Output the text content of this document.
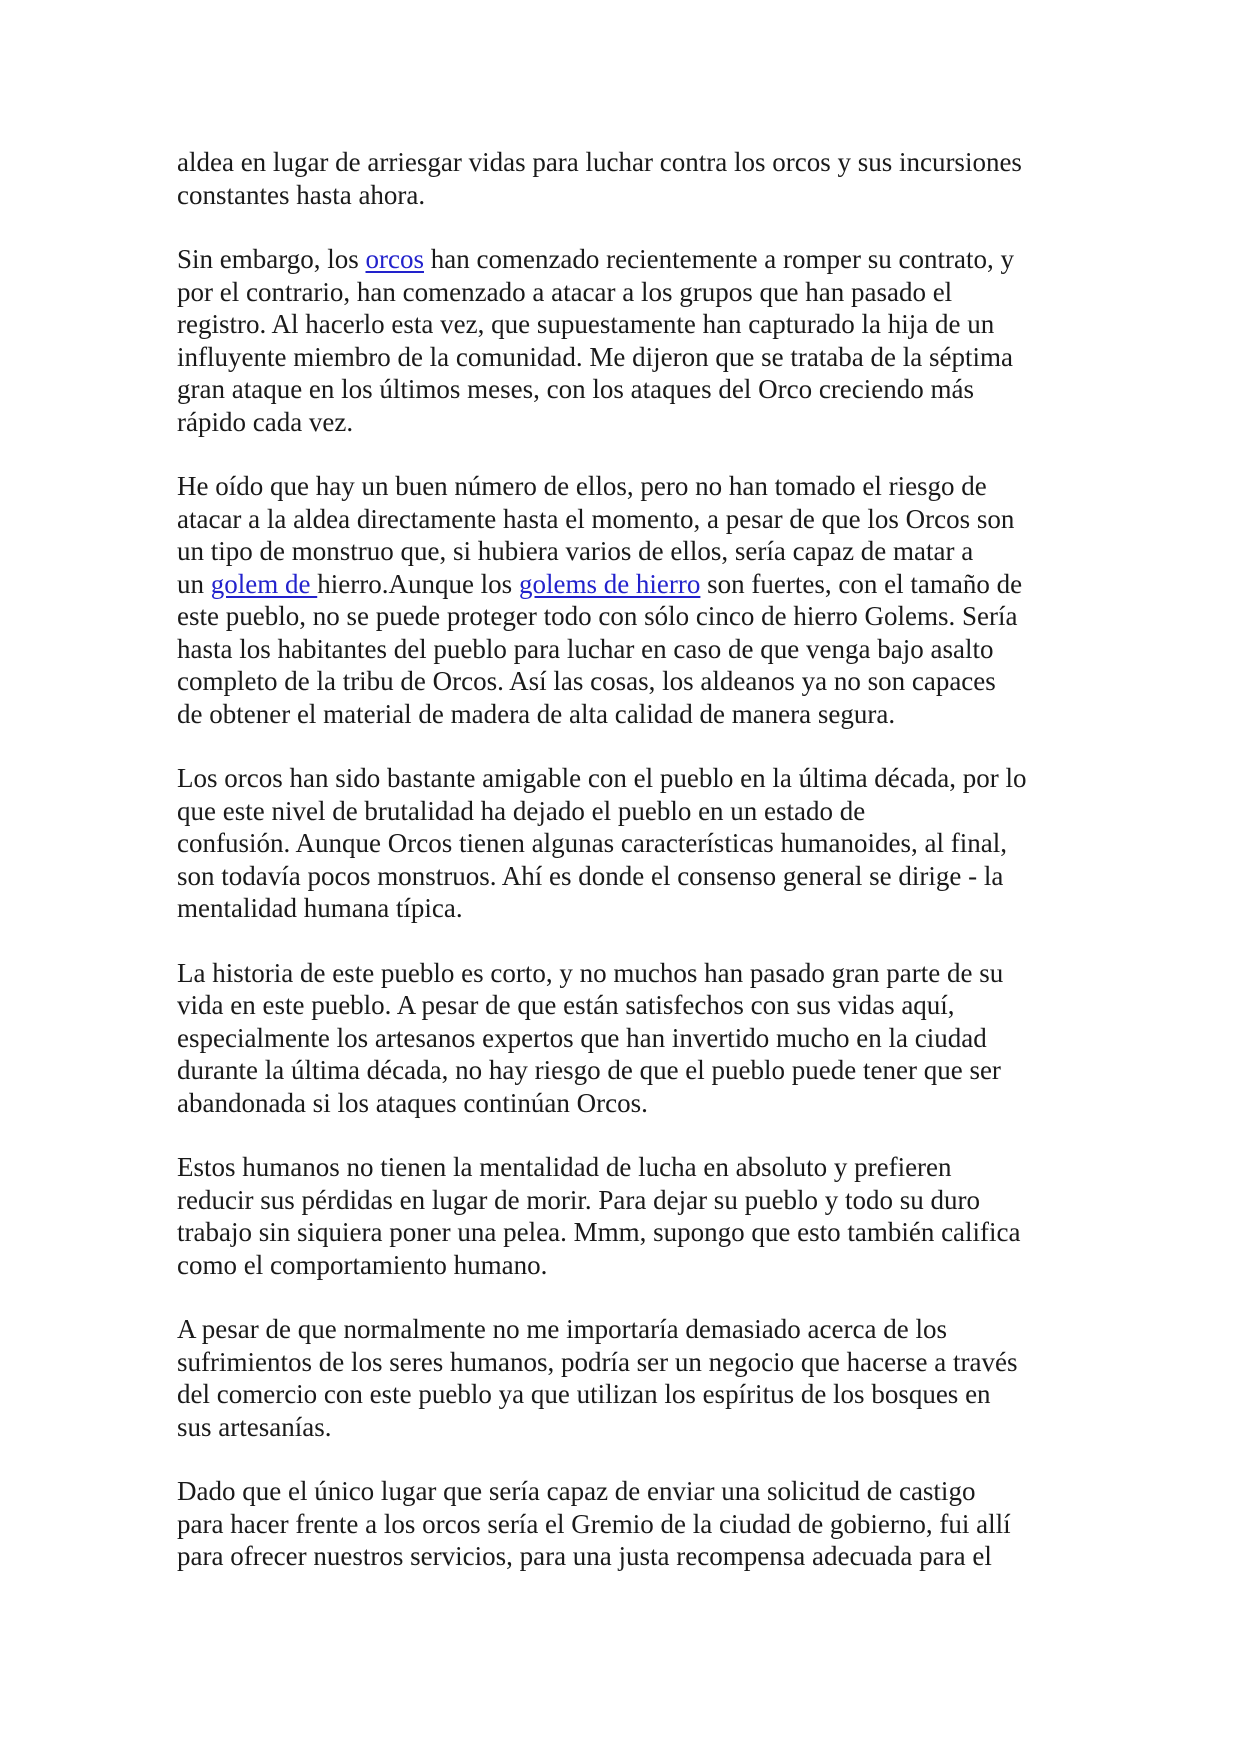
aldea en lugar de arriesgar vidas para luchar contra los orcos y sus incursiones
constantes hasta ahora.

Sin embargo, los orcos han comenzado recientemente a romper su contrato, y
por el contrario, han comenzado a atacar a los grupos que han pasado el
registro. Al hacerlo esta vez, que supuestamente han capturado la hija de un
influyente miembro de la comunidad. Me dijeron que se trataba de la séptima
gran ataque en los últimos meses, con los ataques del Orco creciendo más
rápido cada vez.

He oído que hay un buen número de ellos, pero no han tomado el riesgo de
atacar a la aldea directamente hasta el momento, a pesar de que los Orcos son
un tipo de monstruo que, si hubiera varios de ellos, sería capaz de matar a
un golem de hierro.Aunque los golems de hierro son fuertes, con el tamaño de
este pueblo, no se puede proteger todo con sólo cinco de hierro Golems. Sería
hasta los habitantes del pueblo para luchar en caso de que venga bajo asalto
completo de la tribu de Orcos. Así las cosas, los aldeanos ya no son capaces
de obtener el material de madera de alta calidad de manera segura.

Los orcos han sido bastante amigable con el pueblo en la última década, por lo
que este nivel de brutalidad ha dejado el pueblo en un estado de
confusión. Aunque Orcos tienen algunas características humanoides, al final,
son todavía pocos monstruos. Ahí es donde el consenso general se dirige - la
mentalidad humana típica.

La historia de este pueblo es corto, y no muchos han pasado gran parte de su
vida en este pueblo. A pesar de que están satisfechos con sus vidas aquí,
especialmente los artesanos expertos que han invertido mucho en la ciudad
durante la última década, no hay riesgo de que el pueblo puede tener que ser
abandonada si los ataques continúan Orcos.

Estos humanos no tienen la mentalidad de lucha en absoluto y prefieren
reducir sus pérdidas en lugar de morir. Para dejar su pueblo y todo su duro
trabajo sin siquiera poner una pelea. Mmm, supongo que esto también califica
como el comportamiento humano.

A pesar de que normalmente no me importaría demasiado acerca de los
sufrimientos de los seres humanos, podría ser un negocio que hacerse a través
del comercio con este pueblo ya que utilizan los espíritus de los bosques en
sus artesanías.

Dado que el único lugar que sería capaz de enviar una solicitud de castigo
para hacer frente a los orcos sería el Gremio de la ciudad de gobierno, fui allí
para ofrecer nuestros servicios, para una justa recompensa adecuada para el
